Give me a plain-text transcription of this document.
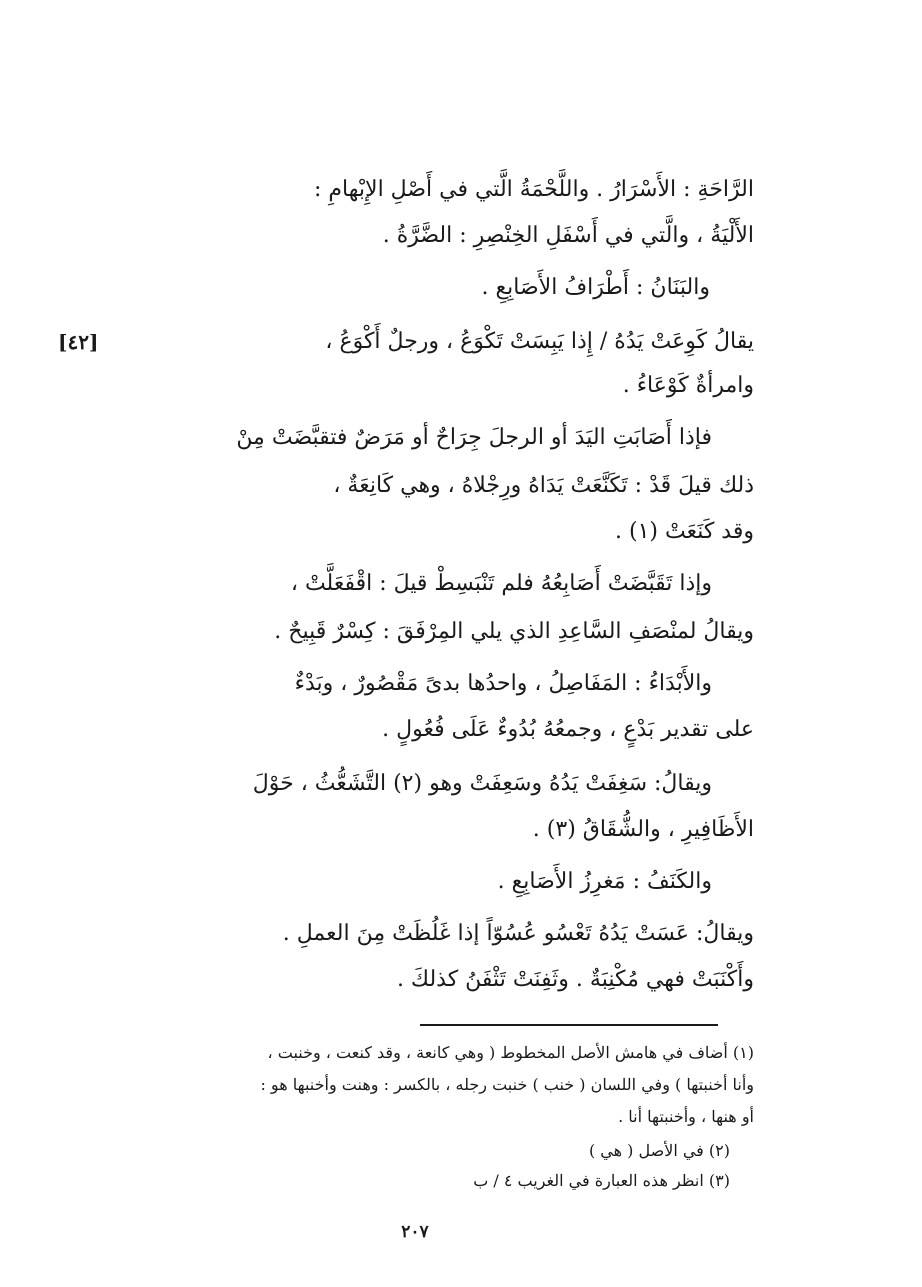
الرَّاحَةِ : الأَسْرَارُ . واللَّحْمَةُ الَّتي في أَصْلِ الإِبْهامِ :
الأَلْيَةُ ، والَّتي في أَسْفَلِ الخِنْصِرِ : الضَّرَّةُ .
والبَنَانُ : أَطْرَافُ الأَصَابِعِ .
يقالُ كَوِعَتْ يَدُهُ / إِذا يَبِسَتْ تَكْوَعُ ، ورجلٌ أَكْوَعُ ،
وامرأةٌ كَوْعَاءُ .
فإذا أَصَابَتِ اليَدَ أو الرجلَ جِرَاحٌ أو مَرَضٌ فتقبَّضَتْ مِنْ
ذلك قيلَ قَدْ : تَكَنَّعَتْ يَدَاهُ ورِجْلاهُ ، وهي كَانِعَةٌ ،
وقد كَنَعَتْ (١) .
وإذا تَقَبَّضَتْ أَصَابِعُهُ فلم تَنْبَسِطْ قيلَ : اقْفَعَلَّتْ ،
ويقالُ لمنْصَفِ السَّاعِدِ الذي يلي المِرْفَقَ : كِسْرٌ قَبِيحٌ .
والأَبْدَاءُ : المَفَاصِلُ ، واحدُها بدىً مَقْصُورٌ ، وبَدْءٌ
على تقدير بَدْعٍ ، وجمعُهُ بُدُوءٌ عَلَى فُعُولٍ .
ويقالُ: سَغِفَتْ يَدُهُ وسَعِفَتْ وهو (٢) التَّشَعُّثُ ، حَوْلَ
الأَظَافِيرِ ، والشُّقَاقُ (٣) .
والكَنَفُ : مَغرِزُ الأَصَابِعِ .
ويقالُ: عَسَتْ يَدُهُ تَعْسُو عُسُوّاً إذا غَلُظَتْ مِنَ العملِ .
وأَكْنَبَتْ فهي مُكْنِبَةٌ . وثَفِنَتْ تَثْفَنُ كذلكَ .
[٤٢]
(١) أضاف في هامش الأصل المخطوط ( وهي كانعة ، وقد كنعت ، وخنبت ،
وأنا أخنبتها ) وفي اللسان ( خنب ) خنبت رجله ، بالكسر : وهنت وأخنبها هو :
أو هنها ، وأخنبتها أنا .
(٢) في الأصل ( هي )
(٣) انظر هذه العبارة في الغريب ٤ / ب
٢٠٧
